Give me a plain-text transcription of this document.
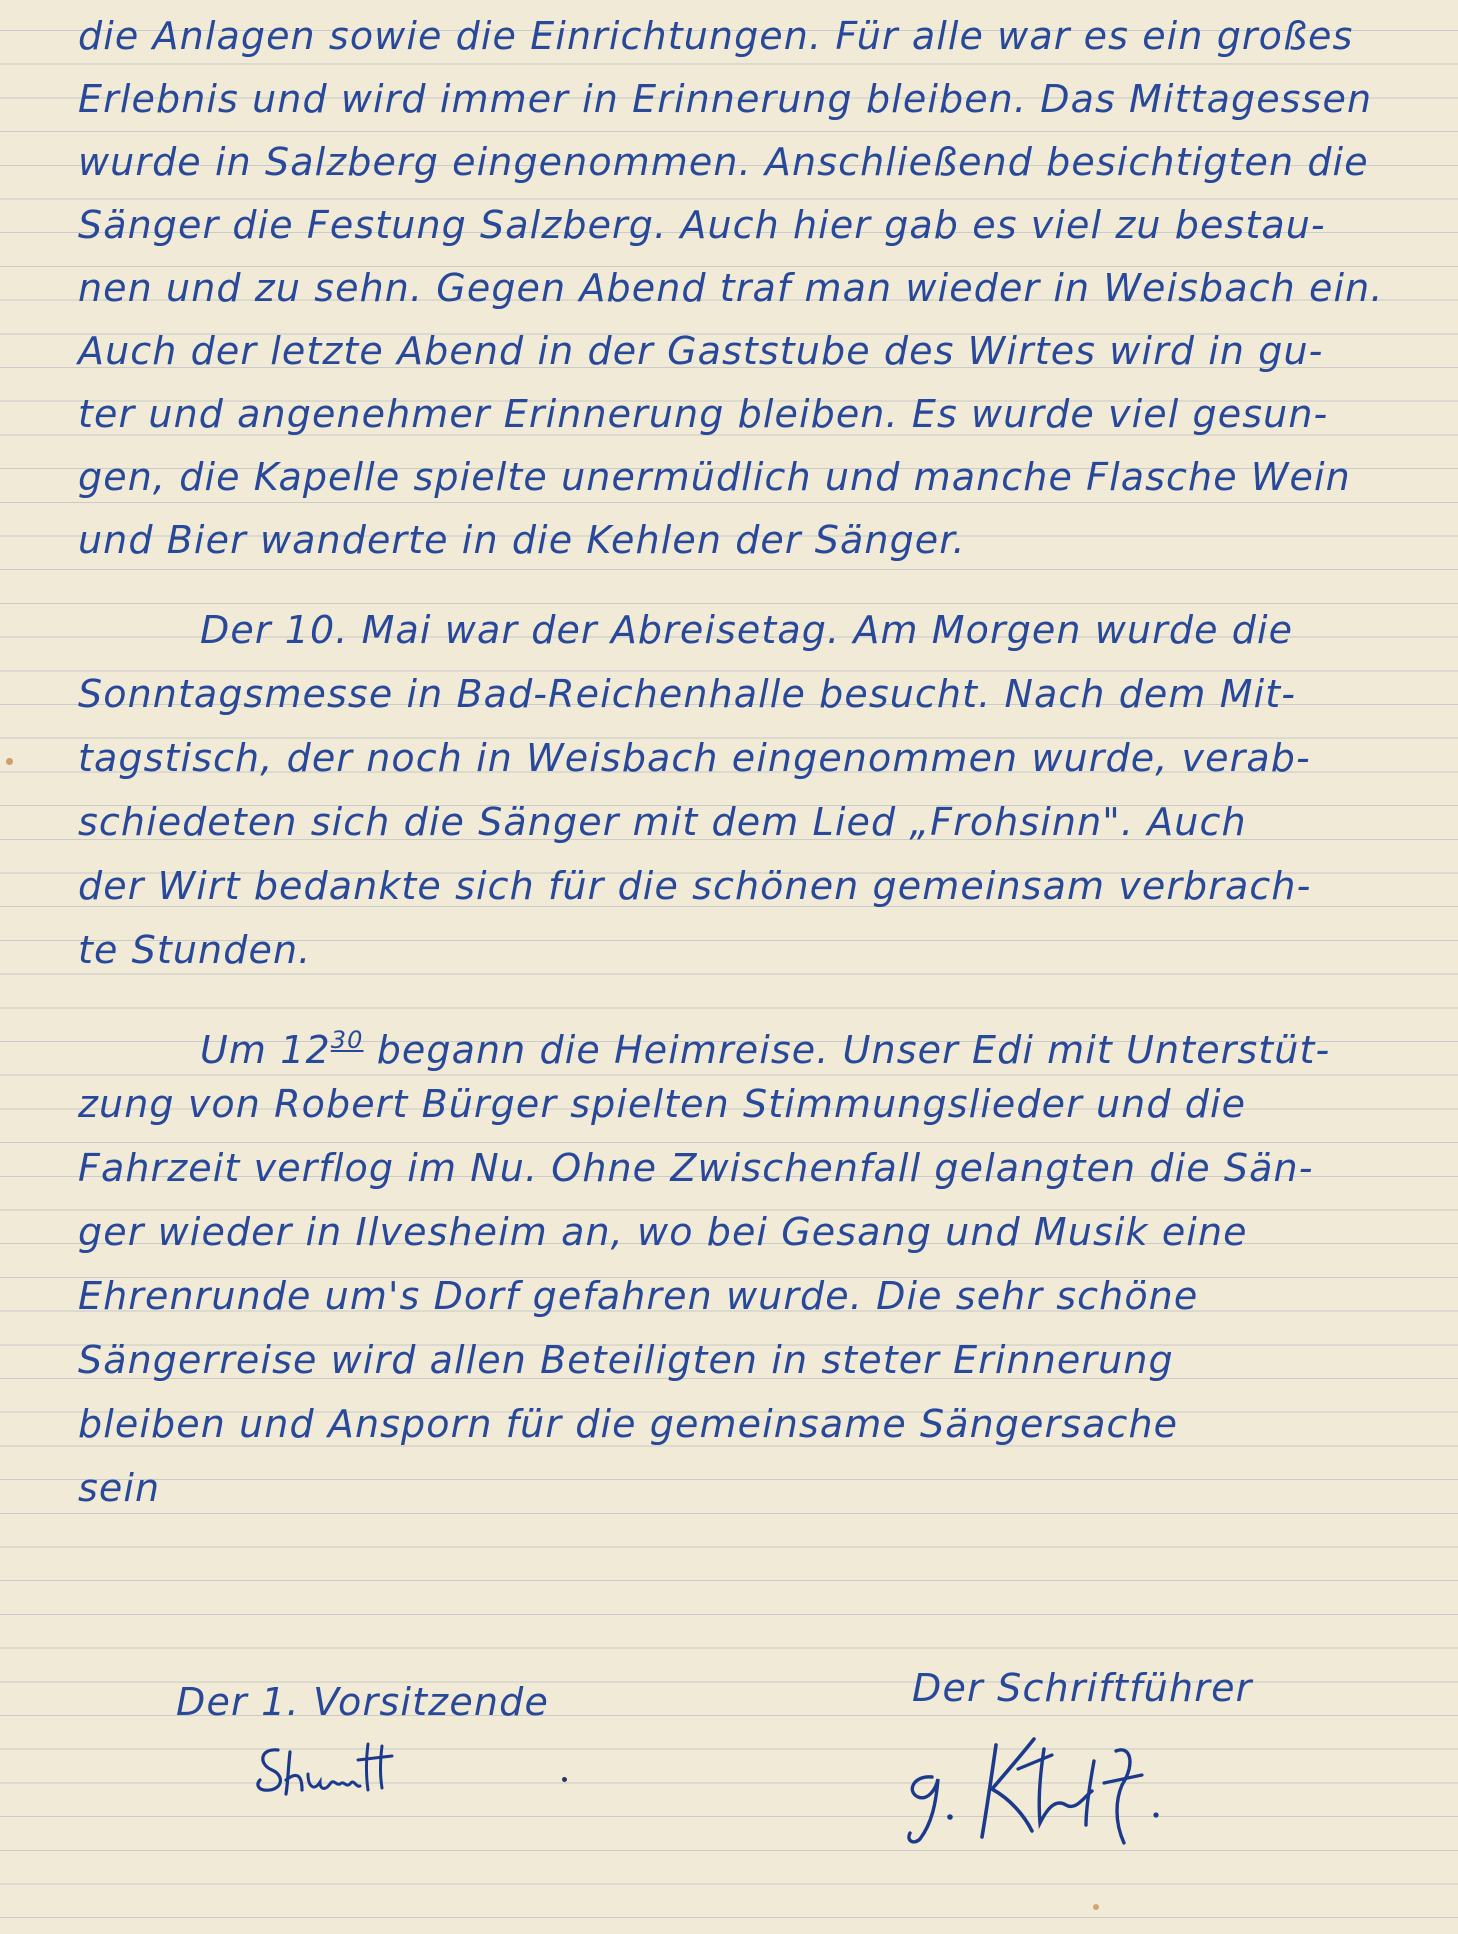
die Anlagen sowie die Einrichtungen. Für alle war es ein großes
Erlebnis und wird immer in Erinnerung bleiben. Das Mittagessen
wurde in Salzberg eingenommen. Anschließend besichtigten die
Sänger die Festung Salzberg. Auch hier gab es viel zu bestau-
nen und zu sehn. Gegen Abend traf man wieder in Weisbach ein.
Auch der letzte Abend in der Gaststube des Wirtes wird in gu-
ter und angenehmer Erinnerung bleiben. Es wurde viel gesun-
gen, die Kapelle spielte unermüdlich und manche Flasche Wein
und Bier wanderte in die Kehlen der Sänger.
Der 10. Mai war der Abreisetag. Am Morgen wurde die
Sonntagsmesse in Bad-Reichenhalle besucht. Nach dem Mit-
tagstisch, der noch in Weisbach eingenommen wurde, verab-
schiedeten sich die Sänger mit dem Lied „Frohsinn". Auch
der Wirt bedankte sich für die schönen gemeinsam verbrach-
te Stunden.
Um $12^{30}$ begann die Heimreise. Unser Edi mit Unterstüt-
zung von Robert Bürger spielten Stimmungslieder und die
Fahrzeit verflog im Nu. Ohne Zwischenfall gelangten die Sän-
ger wieder in Ilvesheim an, wo bei Gesang und Musik eine
Ehrenrunde um's Dorf gefahren wurde. Die sehr schöne
Sängerreise wird allen Beteiligten in steter Erinnerung
bleiben und Ansporn für die gemeinsame Sängersache
sein
Der 1. Vorsitzende	Der Schriftführer
